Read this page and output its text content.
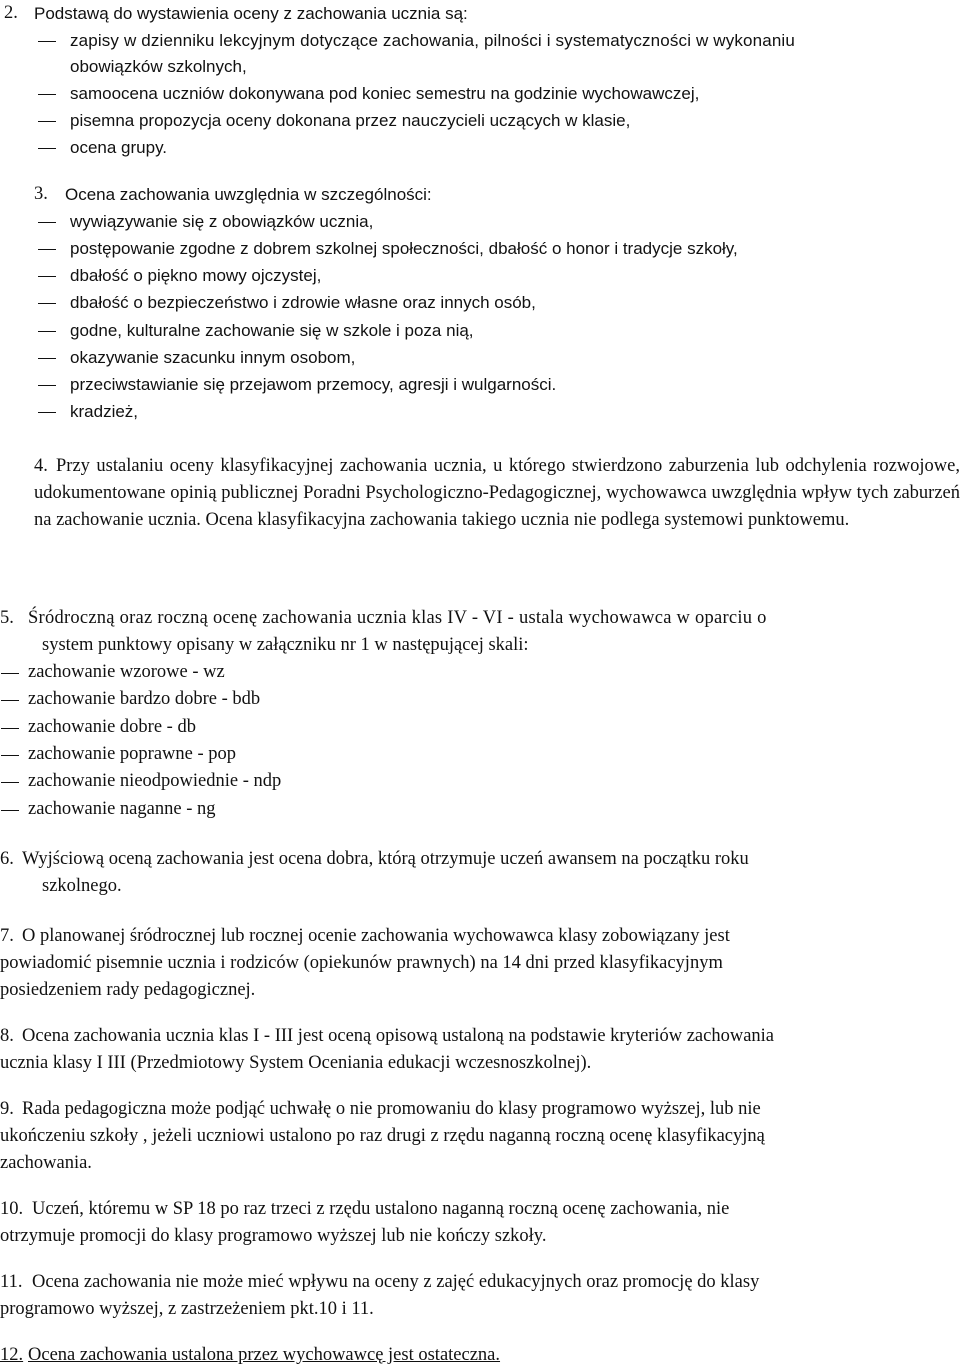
2. Podstawą do wystawienia oceny z zachowania ucznia są:
zapisy w dzienniku lekcyjnym dotyczące zachowania, pilności i systematyczności w wykonaniu
obowiązków szkolnych,
samoocena uczniów dokonywana pod koniec semestru na godzinie wychowawczej,
pisemna propozycja oceny dokonana przez nauczycieli uczących w klasie,
ocena grupy.
3. Ocena zachowania uwzględnia w szczególności:
wywiązywanie się z obowiązków ucznia,
postępowanie zgodne z dobrem szkolnej społeczności, dbałość o honor i tradycje szkoły,
dbałość o piękno mowy ojczystej,
dbałość o bezpieczeństwo i zdrowie własne oraz innych osób,
godne, kulturalne zachowanie się w szkole i poza nią,
okazywanie szacunku innym osobom,
przeciwstawianie się przejawom przemocy, agresji i wulgarności.
kradzież,
4. Przy ustalaniu oceny klasyfikacyjnej zachowania ucznia, u którego stwierdzono zaburzenia lub odchylenia rozwojowe, udokumentowane opinią publicznej Poradni Psychologiczno-Pedagogicznej, wychowawca uwzględnia wpływ tych zaburzeń na zachowanie ucznia. Ocena klasyfikacyjna zachowania takiego ucznia nie podlega systemowi punktowemu.
5. Śródroczną oraz roczną ocenę zachowania ucznia klas IV - VI - ustala wychowawca w oparciu o
system punktowy opisany w załączniku nr 1 w następującej skali:
zachowanie wzorowe - wz
zachowanie bardzo dobre - bdb
zachowanie dobre - db
zachowanie poprawne - pop
zachowanie nieodpowiednie - ndp
zachowanie naganne - ng
6. Wyjściową oceną zachowania jest ocena dobra, którą otrzymuje uczeń awansem na początku roku
szkolnego.
7. O planowanej śródrocznej lub rocznej ocenie zachowania wychowawca klasy zobowiązany jest
powiadomić pisemnie ucznia i rodziców (opiekunów prawnych) na 14 dni przed klasyfikacyjnym
posiedzeniem rady pedagogicznej.
8. Ocena zachowania ucznia klas I - III jest oceną opisową ustaloną na podstawie kryteriów zachowania
ucznia klasy I III (Przedmiotowy System Oceniania edukacji wczesnoszkolnej).
9. Rada pedagogiczna może podjąć uchwałę o nie promowaniu do klasy programowo wyższej, lub nie
ukończeniu szkoły , jeżeli uczniowi ustalono po raz drugi z rzędu naganną roczną ocenę klasyfikacyjną
zachowania.
10. Uczeń, któremu w SP 18 po raz trzeci z rzędu ustalono naganną roczną ocenę zachowania, nie
otrzymuje promocji do klasy programowo wyższej lub nie kończy szkoły.
11. Ocena zachowania nie może mieć wpływu na oceny z zajęć edukacyjnych oraz promocję do klasy
programowo wyższej, z zastrzeżeniem pkt.10 i 11.
12. Ocena zachowania ustalona przez wychowawcę jest ostateczna.
